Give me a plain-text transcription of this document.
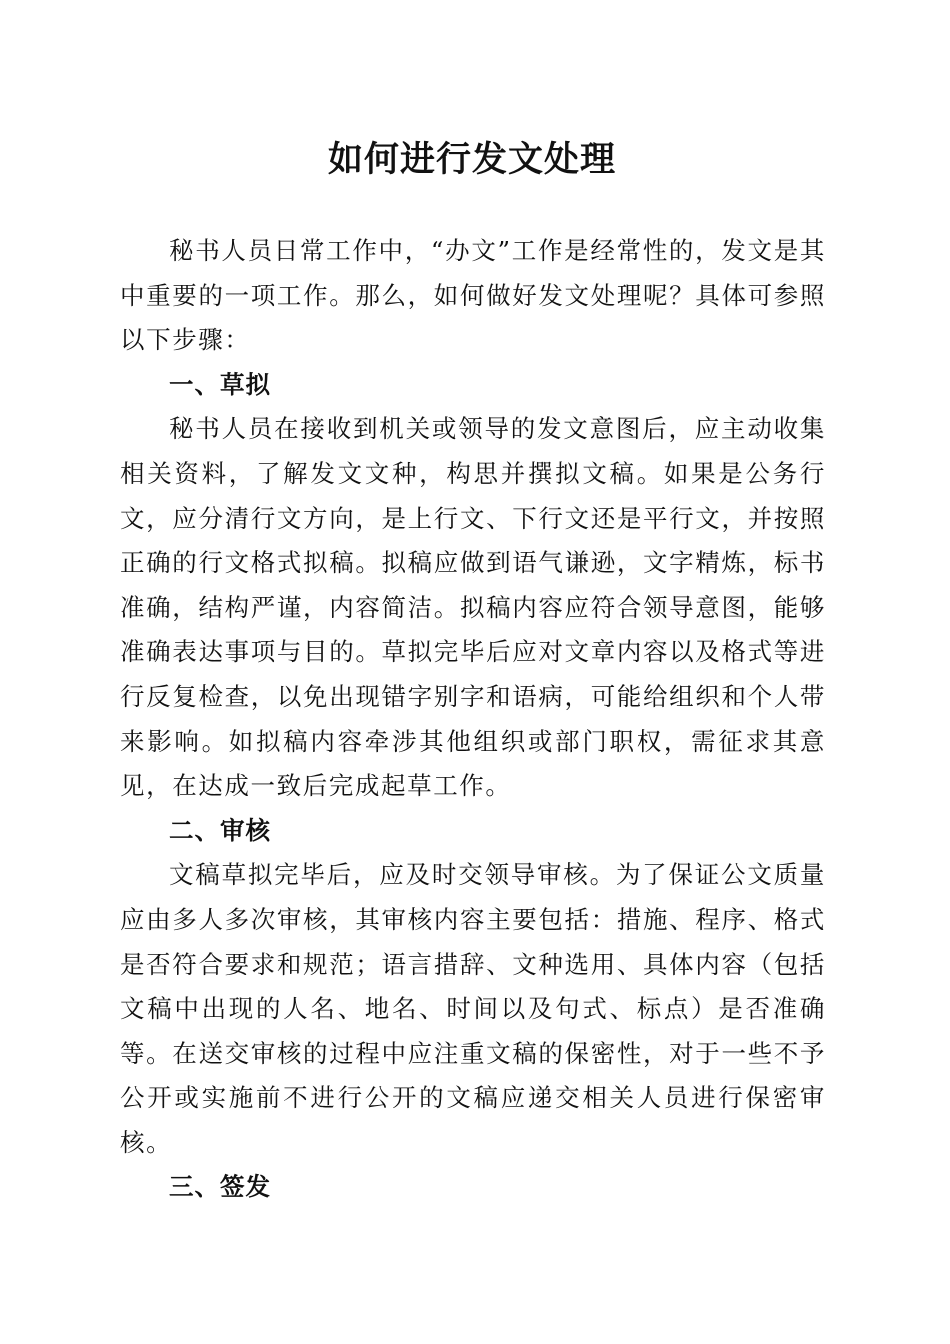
如何进行发文处理

秘书人员日常工作中，“办文”工作是经常性的，发文是其中重要的一项工作。那么，如何做好发文处理呢？具体可参照以下步骤：

一、草拟

秘书人员在接收到机关或领导的发文意图后，应主动收集相关资料，了解发文文种，构思并撰拟文稿。如果是公务行文，应分清行文方向，是上行文、下行文还是平行文，并按照正确的行文格式拟稿。拟稿应做到语气谦逊，文字精炼，标书准确，结构严谨，内容简洁。拟稿内容应符合领导意图，能够准确表达事项与目的。草拟完毕后应对文章内容以及格式等进行反复检查，以免出现错字别字和语病，可能给组织和个人带来影响。如拟稿内容牵涉其他组织或部门职权，需征求其意见，在达成一致后完成起草工作。

二、审核

文稿草拟完毕后，应及时交领导审核。为了保证公文质量应由多人多次审核，其审核内容主要包括：措施、程序、格式是否符合要求和规范；语言措辞、文种选用、具体内容（包括文稿中出现的人名、地名、时间以及句式、标点）是否准确等。在送交审核的过程中应注重文稿的保密性，对于一些不予公开或实施前不进行公开的文稿应递交相关人员进行保密审核。

三、签发
